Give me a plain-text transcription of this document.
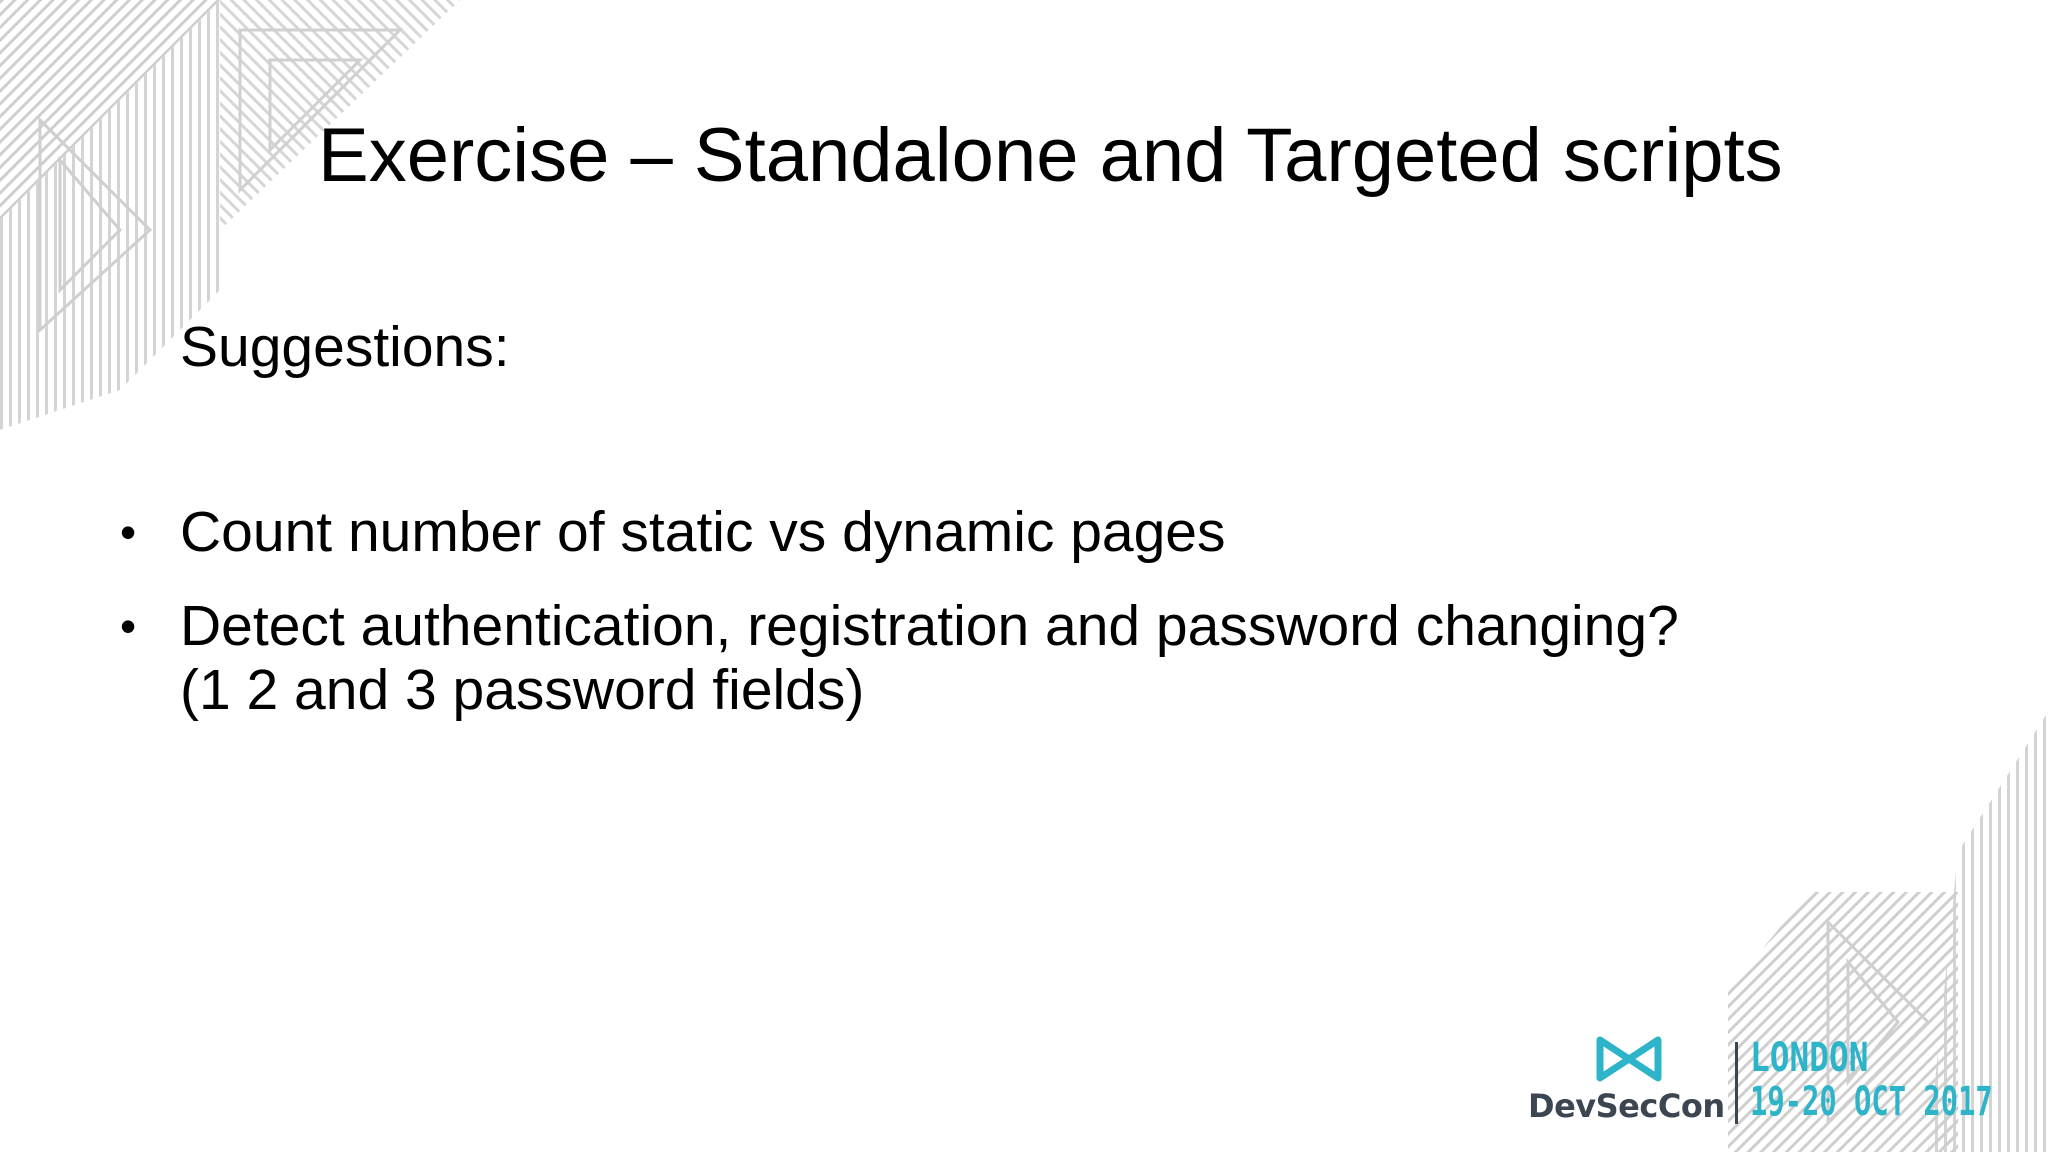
Exercise – Standalone and Targeted scripts
Suggestions:
• Count number of static vs dynamic pages
• Detect authentication, registration and password changing?
(1 2 and 3 password fields)
DevSecCon
LONDON
19-20 OCT 2017
